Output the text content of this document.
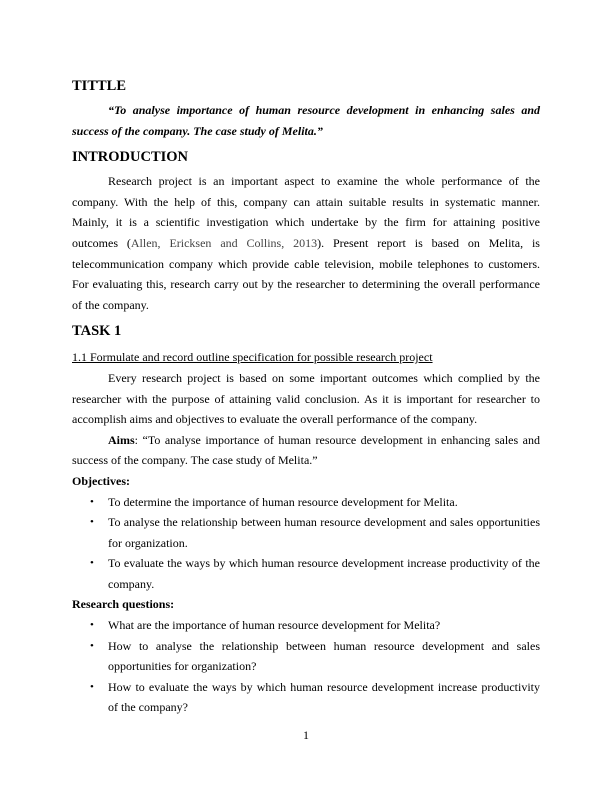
TITTLE

“To analyse importance of human resource development in enhancing sales and success of the company. The case study of Melita.”

INTRODUCTION

Research project is an important aspect to examine the whole performance of the company. With the help of this, company can attain suitable results in systematic manner. Mainly, it is a scientific investigation which undertake by the firm for attaining positive outcomes (Allen, Ericksen and Collins, 2013). Present report is based on Melita, is telecommunication company which provide cable television, mobile telephones to customers. For evaluating this, research carry out by the researcher to determining the overall performance of the company.

TASK 1

1.1 Formulate and record outline specification for possible research project

Every research project is based on some important outcomes which complied by the researcher with the purpose of attaining valid conclusion. As it is important for researcher to accomplish aims and objectives to evaluate the overall performance of the company.

Aims: “To analyse importance of human resource development in enhancing sales and success of the company. The case study of Melita.”

Objectives:

• To determine the importance of human resource development for Melita.
• To analyse the relationship between human resource development and sales opportunities for organization.
• To evaluate the ways by which human resource development increase productivity of the company.

Research questions:

• What are the importance of human resource development for Melita?
• How to analyse the relationship between human resource development and sales opportunities for organization?
• How to evaluate the ways by which human resource development increase productivity of the company?
1
